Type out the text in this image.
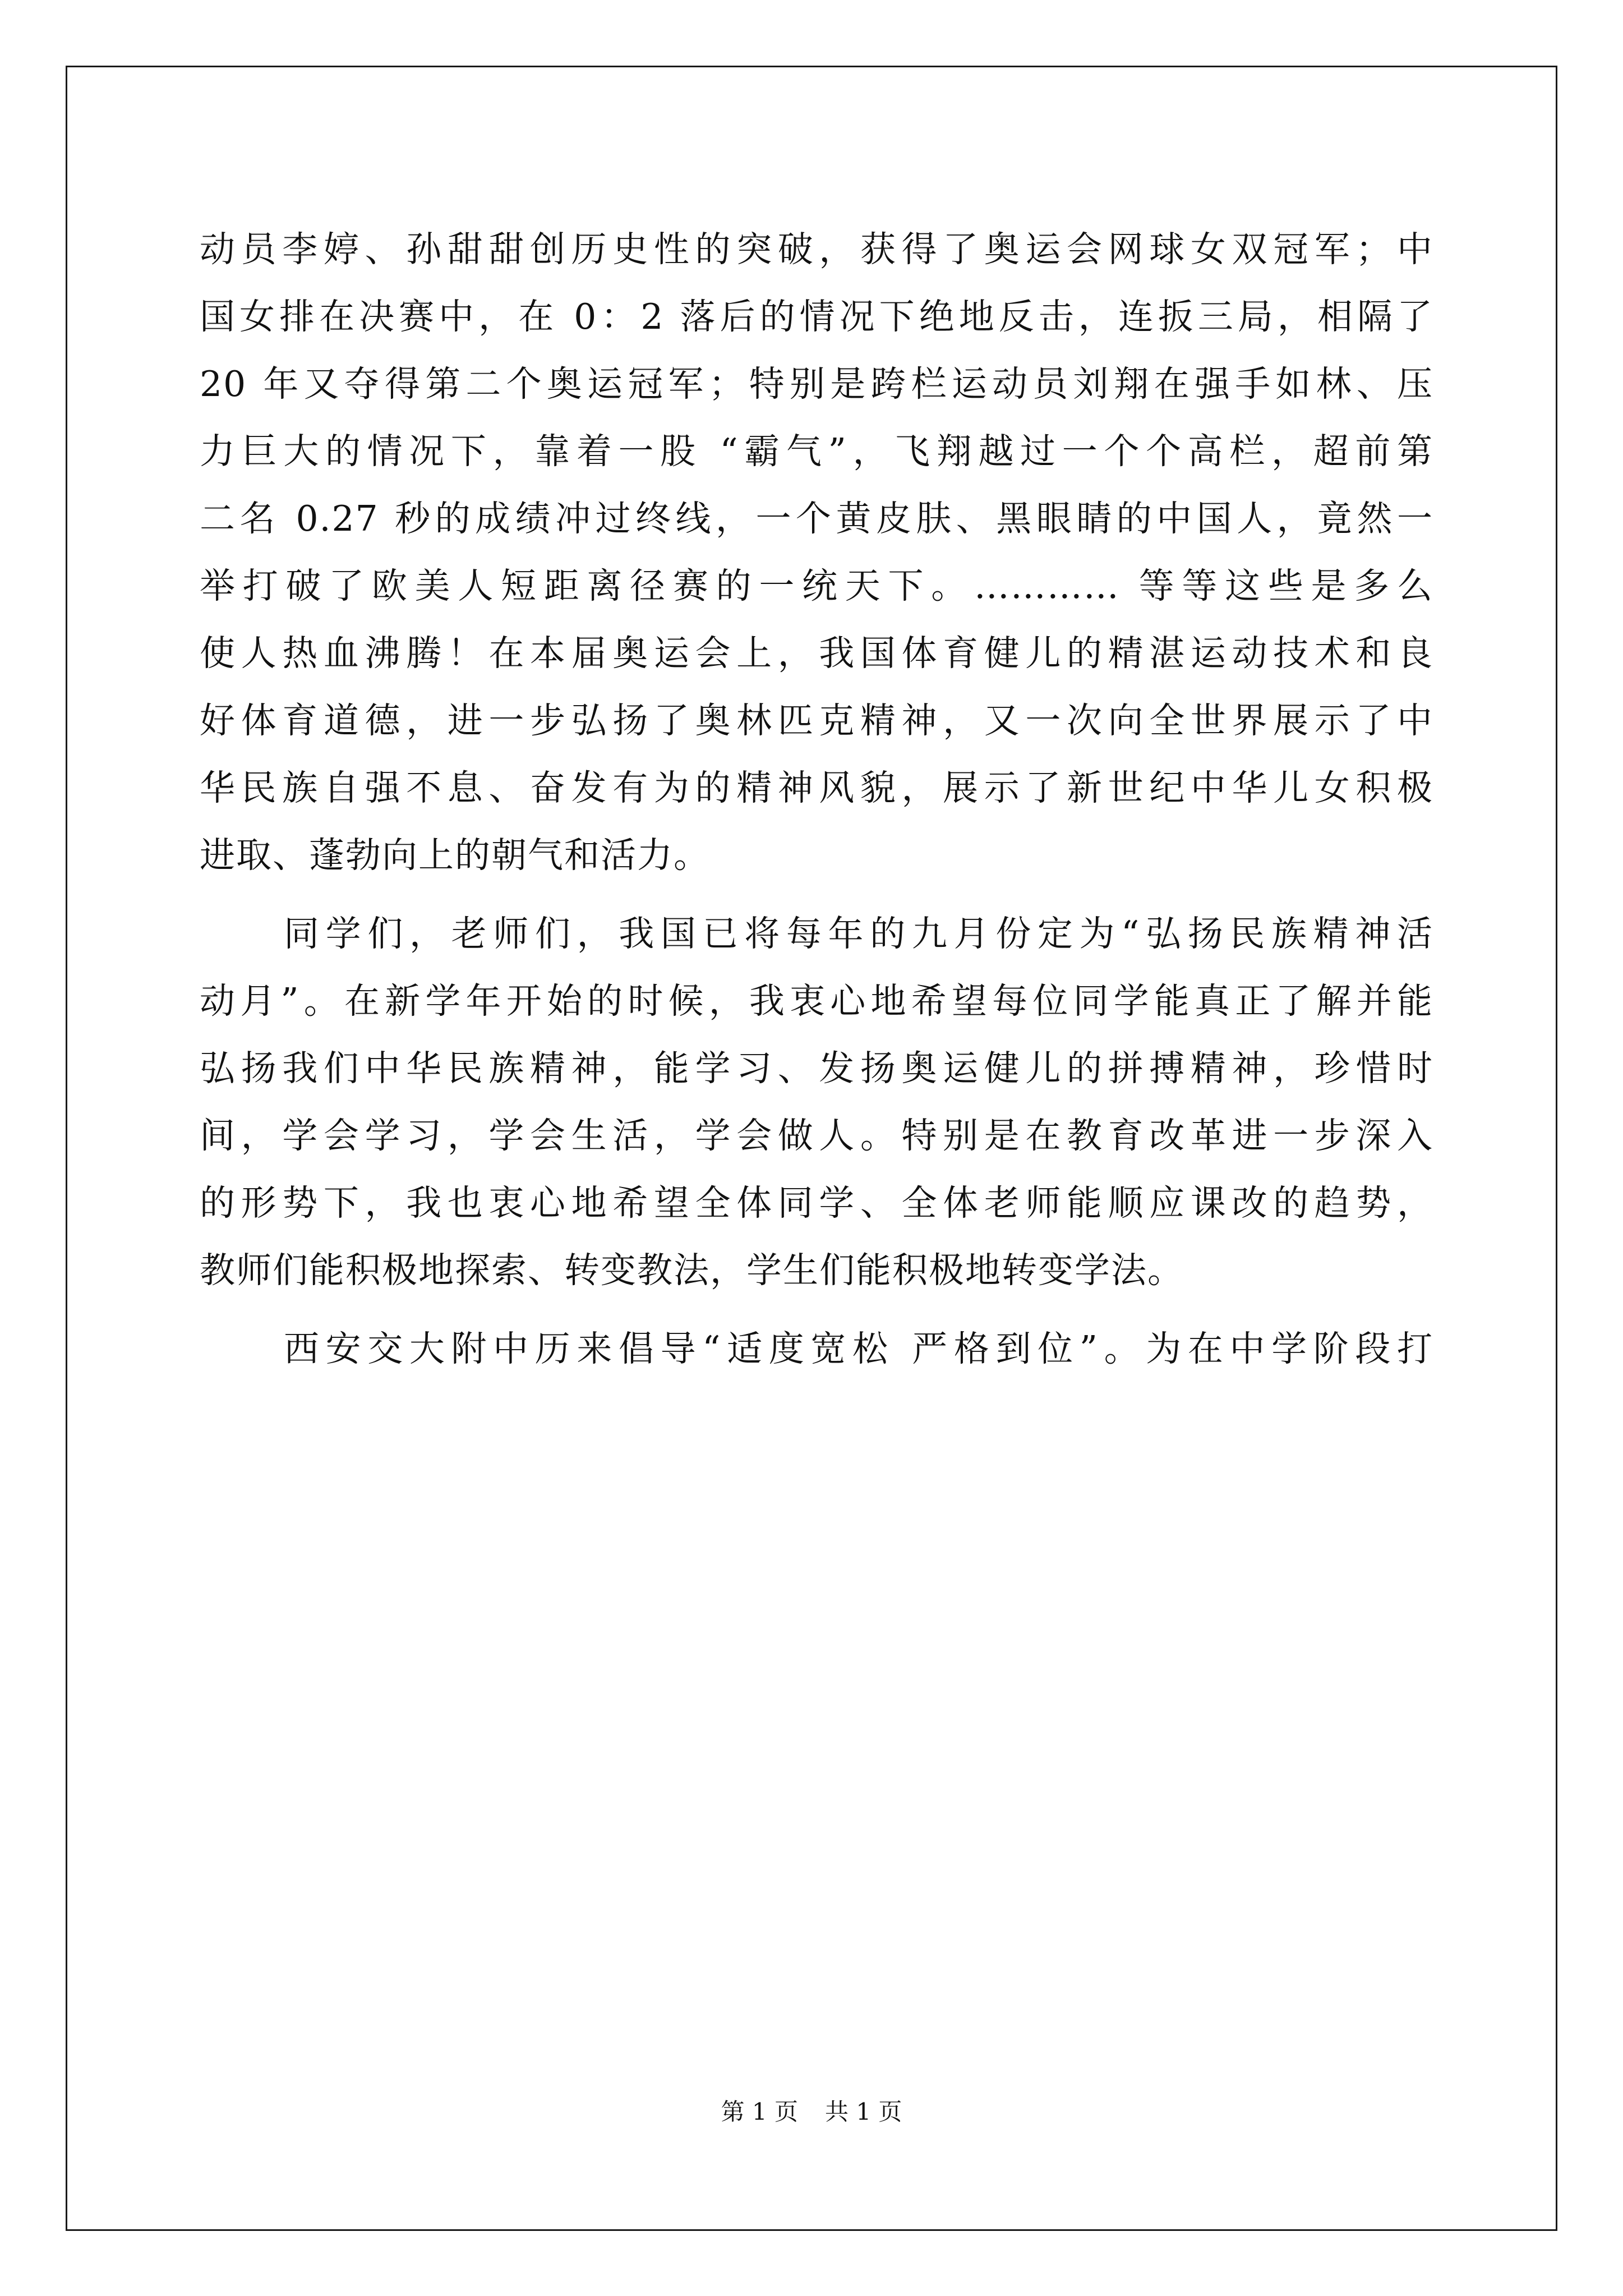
动员李婷、孙甜甜创历史性的突破，获得了奥运会网球女双冠军；中
国女排在决赛中，在 0：2 落后的情况下绝地反击，连扳三局，相隔了
20 年又夺得第二个奥运冠军；特别是跨栏运动员刘翔在强手如林、压
力巨大的情况下，靠着一股 “霸气”，飞翔越过一个个高栏，超前第
二名 0.27 秒的成绩冲过终线，一个黄皮肤、黑眼睛的中国人，竟然一
举打破了欧美人短距离径赛的一统天下。………… 等等这些是多么
使人热血沸腾！在本届奥运会上，我国体育健儿的精湛运动技术和良
好体育道德，进一步弘扬了奥林匹克精神，又一次向全世界展示了中
华民族自强不息、奋发有为的精神风貌，展示了新世纪中华儿女积极
进取、蓬勃向上的朝气和活力。
同学们，老师们，我国已将每年的九月份定为“弘扬民族精神活
动月”。在新学年开始的时候，我衷心地希望每位同学能真正了解并能
弘扬我们中华民族精神，能学习、发扬奥运健儿的拼搏精神，珍惜时
间，学会学习，学会生活，学会做人。特别是在教育改革进一步深入
的形势下，我也衷心地希望全体同学、全体老师能顺应课改的趋势，
教师们能积极地探索、转变教法，学生们能积极地转变学法。
西安交大附中历来倡导“适度宽松 严格到位”。为在中学阶段打
第 1 页 共 1 页
